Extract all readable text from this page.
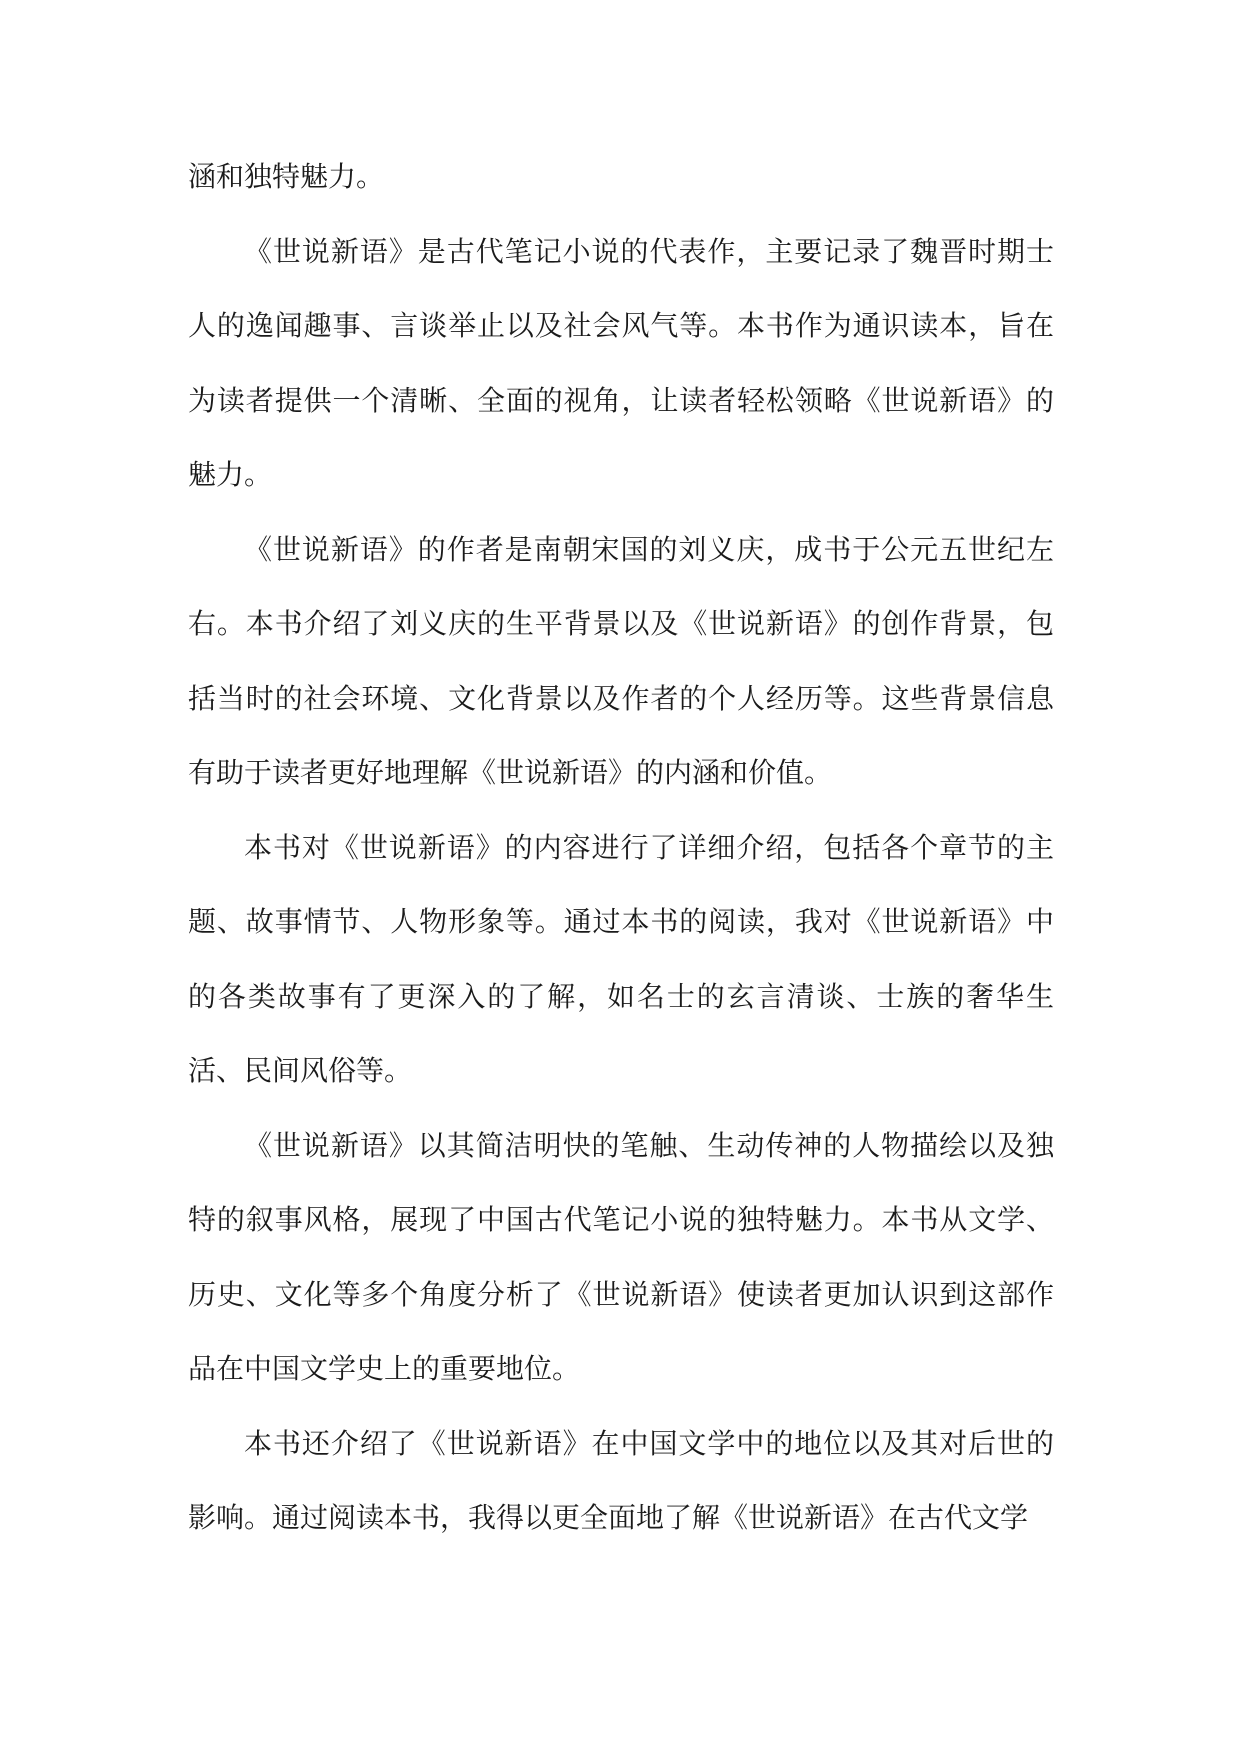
涵和独特魅力。

《世说新语》是古代笔记小说的代表作，主要记录了魏晋时期士人的逸闻趣事、言谈举止以及社会风气等。本书作为通识读本，旨在为读者提供一个清晰、全面的视角，让读者轻松领略《世说新语》的魅力。

《世说新语》的作者是南朝宋国的刘义庆，成书于公元五世纪左右。本书介绍了刘义庆的生平背景以及《世说新语》的创作背景，包括当时的社会环境、文化背景以及作者的个人经历等。这些背景信息有助于读者更好地理解《世说新语》的内涵和价值。

本书对《世说新语》的内容进行了详细介绍，包括各个章节的主题、故事情节、人物形象等。通过本书的阅读，我对《世说新语》中的各类故事有了更深入的了解，如名士的玄言清谈、士族的奢华生活、民间风俗等。

《世说新语》以其简洁明快的笔触、生动传神的人物描绘以及独特的叙事风格，展现了中国古代笔记小说的独特魅力。本书从文学、历史、文化等多个角度分析了《世说新语》使读者更加认识到这部作品在中国文学史上的重要地位。

本书还介绍了《世说新语》在中国文学中的地位以及其对后世的影响。通过阅读本书，我得以更全面地了解《世说新语》在古代文学
